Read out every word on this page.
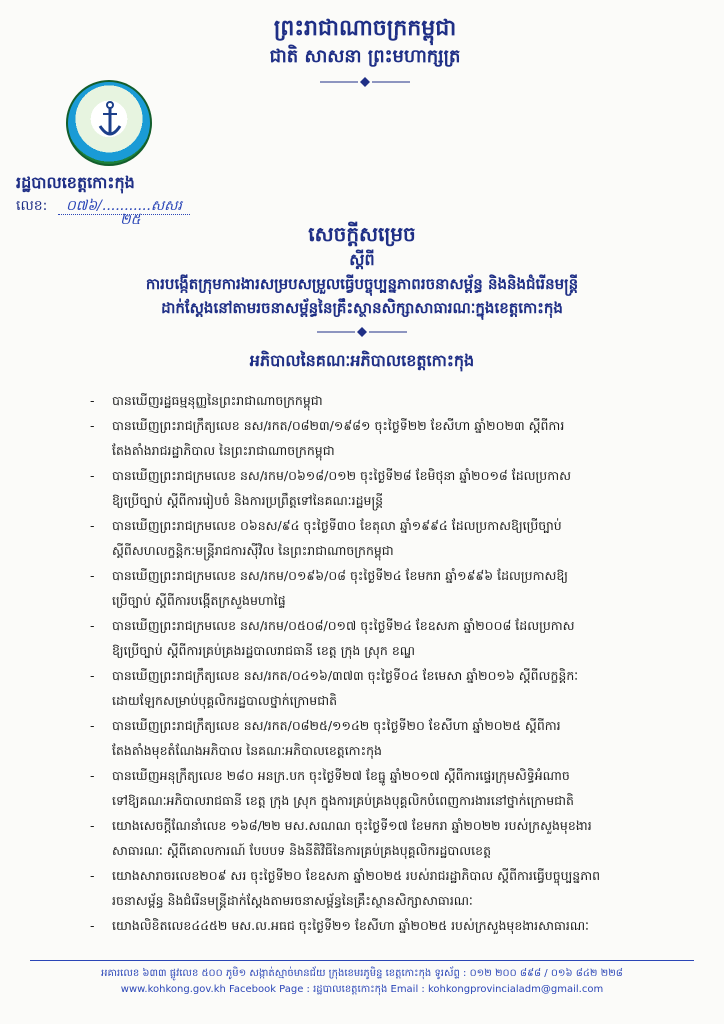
ព្រះរាជាណាចក្រកម្ពុជា
ជាតិ សាសនា ព្រះមហាក្សត្រ
រដ្ឋបាលខេត្តកោះកុង
លេខ: ០៧៦/...........សសរ
២៥
សេចក្តីសម្រេច
ស្តីពី
ការបង្កើតក្រុមការងារសម្របសម្រួលធ្វើបច្ចុប្បន្នភាពរចនាសម្ព័ន្ធ និងនិងជំរើនមន្ត្រី
ដាក់ស្តែងនៅតាមរចនាសម្ព័ន្ធនៃគ្រឹះស្ថានសិក្សាសាធារណៈក្នុងខេត្តកោះកុង
អភិបាលនៃគណៈអភិបាលខេត្តកោះកុង
- បានឃើញរដ្ឋធម្មនុញ្ញនៃព្រះរាជាណាចក្រកម្ពុជា

- បានឃើញព្រះរាជក្រឹត្យលេខ នស/រកត/០៨២៣/១៩៨១ ចុះថ្ងៃទី២២ ខែសីហា ឆ្នាំ២០២៣ ស្តីពីការ

តែងតាំងរាជរដ្ឋាភិបាល នៃព្រះរាជាណាចក្រកម្ពុជា

- បានឃើញព្រះរាជក្រមលេខ នស/រកម/០៦១៨/០១២ ចុះថ្ងៃទី២៨ ខែមិថុនា ឆ្នាំ២០១៨ ដែលប្រកាស

ឱ្យប្រើច្បាប់ ស្តីពីការរៀបចំ និងការប្រព្រឹត្តទៅនៃគណៈរដ្ឋមន្ត្រី

- បានឃើញព្រះរាជក្រមលេខ ០៦នស/៩៤ ចុះថ្ងៃទី៣០ ខែតុលា ឆ្នាំ១៩៩៤ ដែលប្រកាសឱ្យប្រើច្បាប់

ស្តីពីសហលក្ខន្តិកៈមន្ត្រីរាជការស៊ីវិល នៃព្រះរាជាណាចក្រកម្ពុជា

- បានឃើញព្រះរាជក្រមលេខ នស/រកម/០១៩៦/០៨ ចុះថ្ងៃទី២៤ ខែមករា ឆ្នាំ១៩៩៦ ដែលប្រកាសឱ្យ

ប្រើច្បាប់ ស្តីពីការបង្កើតក្រសួងមហាផ្ទៃ

- បានឃើញព្រះរាជក្រមលេខ នស/រកម/០៥០៨/០១៧ ចុះថ្ងៃទី២៤ ខែឧសភា ឆ្នាំ២០០៨ ដែលប្រកាស

ឱ្យប្រើច្បាប់ ស្តីពីការគ្រប់គ្រងរដ្ឋបាលរាជធានី ខេត្ត ក្រុង ស្រុក ខណ្ឌ

- បានឃើញព្រះរាជក្រឹត្យលេខ នស/រកត/០៤១៦/៣៧៣ ចុះថ្ងៃទី០៤ ខែមេសា ឆ្នាំ២០១៦ ស្តីពីលក្ខន្តិកៈ

ដោយឡែកសម្រាប់បុគ្គលិករដ្ឋបាលថ្នាក់ក្រោមជាតិ

- បានឃើញព្រះរាជក្រឹត្យលេខ នស/រកត/០៨២៥/១១៤២ ចុះថ្ងៃទី២០ ខែសីហា ឆ្នាំ២០២៥ ស្តីពីការ

តែងតាំងមុខតំណែងអភិបាល នៃគណៈអភិបាលខេត្តកោះកុង

- បានឃើញអនុក្រឹត្យលេខ ២៨០ អនក្រ.បក ចុះថ្ងៃទី២៧ ខែធ្នូ ឆ្នាំ២០១៧ ស្តីពីការផ្ទេរក្រុមសិទ្ធិអំណាច

ទៅឱ្យគណៈអភិបាលរាជធានី ខេត្ត ក្រុង ស្រុក ក្នុងការគ្រប់គ្រងបុគ្គលិកបំពេញការងារនៅថ្នាក់ក្រោមជាតិ

- យោងសេចក្តីណែនាំលេខ ១៦៨/២២ មស.សណណ ចុះថ្ងៃទី១៧ ខែមករា ឆ្នាំ២០២២ របស់ក្រសួងមុខងារ

សាធារណៈ ស្តីពីគោលការណ៍ បែបបទ និងនីតិវិធីនៃការគ្រប់គ្រងបុគ្គលិករដ្ឋបាលខេត្ត

- យោងសារាចរលេខ២០៩ សរ ចុះថ្ងៃទី២០ ខែឧសភា ឆ្នាំ២០២៥ របស់រាជរដ្ឋាភិបាល ស្តីពីការធ្វើបច្ចុប្បន្នភាព

រចនាសម្ព័ន្ធ និងជំរើនមន្ត្រីដាក់ស្តែងតាមរចនាសម្ព័ន្ធនៃគ្រឹះស្ថានសិក្សាសាធារណៈ

- យោងលិខិតលេខ៤៤៥២ មស.ល.អធជ ចុះថ្ងៃទី២១ ខែសីហា ឆ្នាំ២០២៥ របស់ក្រសួងមុខងារសាធារណៈ

អគារលេខ ៦៣៣ ផ្លូវលេខ ៥០០ ភូមិ១ សង្កាត់ស្មាច់មានជ័យ ក្រុងខេមរភូមិន្ទ ខេត្តកោះកុង ទូរស័ព្ទ : ០១២ ២០០ ៨៩៨ / ០១៦ ៨៤២ ២២៨
www.kohkong.gov.kh Facebook Page : រដ្ឋបាលខេត្តកោះកុង Email : kohkongprovincialadm@gmail.com
